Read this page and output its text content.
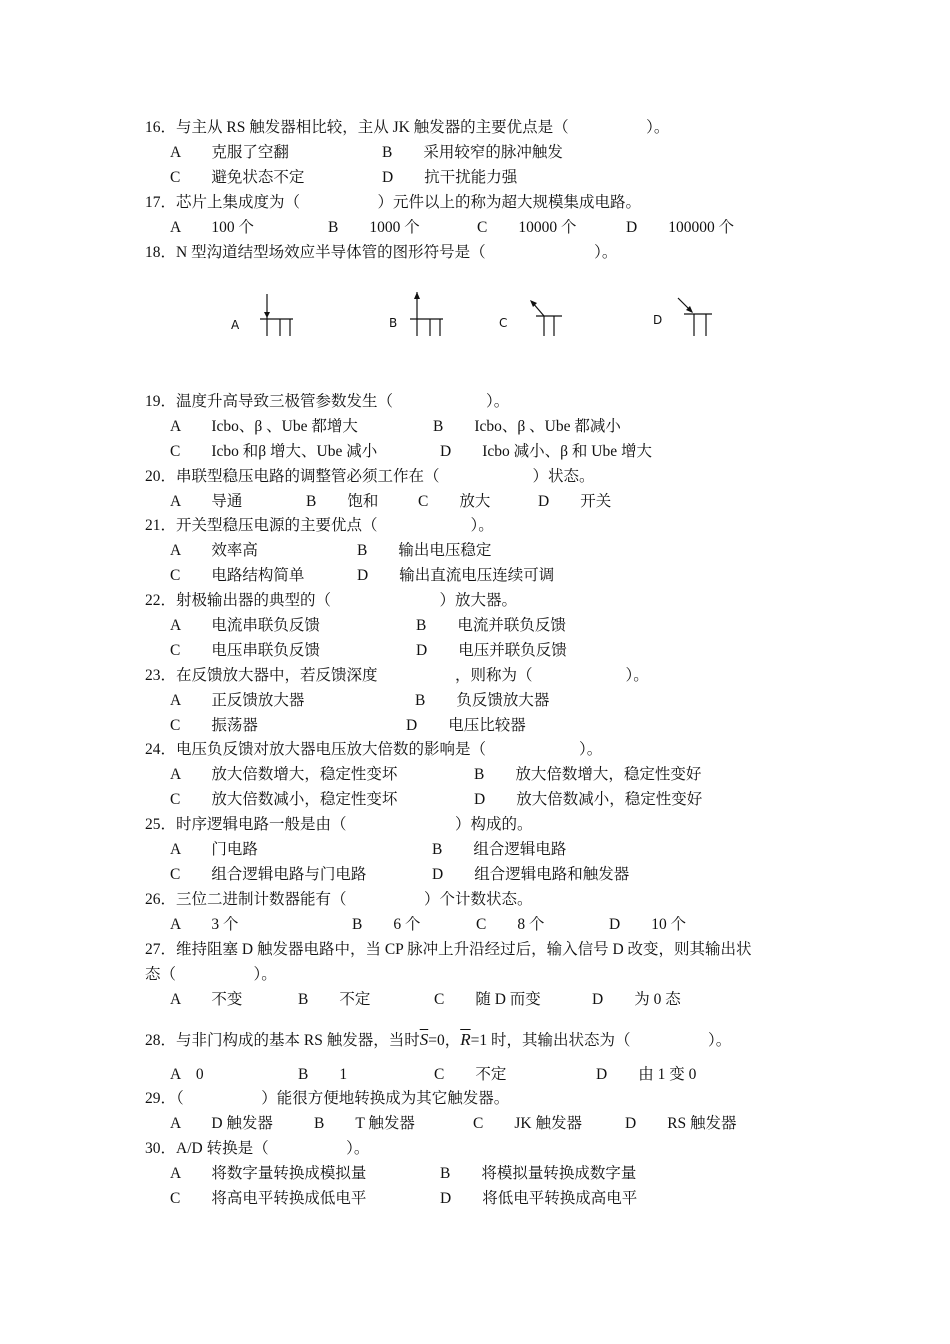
16．与主从 RS 触发器相比较，主从 JK 触发器的主要优点是（　　　　　）。
A　　克服了空翻	B　　采用较窄的脉冲触发
C　　避免状态不定	D　　抗干扰能力强
17．芯片上集成度为（　　　　　）元件以上的称为超大规模集成电路。
A　　100 个	B　　1000 个	C　　10000 个	D　　100000 个
18．N 型沟道结型场效应半导体管的图形符号是（　　　　　　　）。
A	B	C	D
19．温度升高导致三极管参数发生（　　　　　　）。
A　　Icbo、β 、Ube 都增大	B　　Icbo、β 、Ube 都减小
C　　Icbo 和β 增大、Ube 减小	D　　Icbo 减小、β 和 Ube 增大
20．串联型稳压电路的调整管必须工作在（　　　　　　）状态。
A　　导通	B　　饱和	C　　放大	D　　开关
21．开关型稳压电源的主要优点（　　　　　　）。
A　　效率高	B　　输出电压稳定
C　　电路结构简单	D　　输出直流电压连续可调
22．射极输出器的典型的（　　　　　　　）放大器。
A　　电流串联负反馈	B　　电流并联负反馈
C　　电压串联负反馈	D　　电压并联负反馈
23．在反馈放大器中，若反馈深度　　　　　，则称为（　　　　　　）。
A　　正反馈放大器	B　　负反馈放大器
C　　振荡器	D　　电压比较器
24．电压负反馈对放大器电压放大倍数的影响是（　　　　　　）。
A　　放大倍数增大，稳定性变坏	B　　放大倍数增大，稳定性变好
C　　放大倍数减小，稳定性变坏	D　　放大倍数减小，稳定性变好
25．时序逻辑电路一般是由（　　　　　　　）构成的。
A　　门电路	B　　组合逻辑电路
C　　组合逻辑电路与门电路	D　　组合逻辑电路和触发器
26．三位二进制计数器能有（　　　　　）个计数状态。
A　　3 个	B　　6 个	C　　8 个	D　　10 个
27．维持阻塞 D 触发器电路中，当 CP 脉冲上升沿经过后，输入信号 D 改变，则其输出状
态（　　　　　）。
A　　不变	B　　不定	C　　随 D 而变	D　　为 0 态
28．与非门构成的基本 RS 触发器，当时$\overline{S}=0$，$\overline{R}=1$ 时，其输出状态为（　　　　　）。
A　0	B　　1	C　　不定	D　　由 1 变 0
29．（　　　　　）能很方便地转换成为其它触发器。
A　　D 触发器	B　　T 触发器	C　　JK 触发器	D　　RS 触发器
30．A/D 转换是（　　　　　）。
A　　将数字量转换成模拟量	B　　将模拟量转换成数字量
C　　将高电平转换成低电平	D　　将低电平转换成高电平
